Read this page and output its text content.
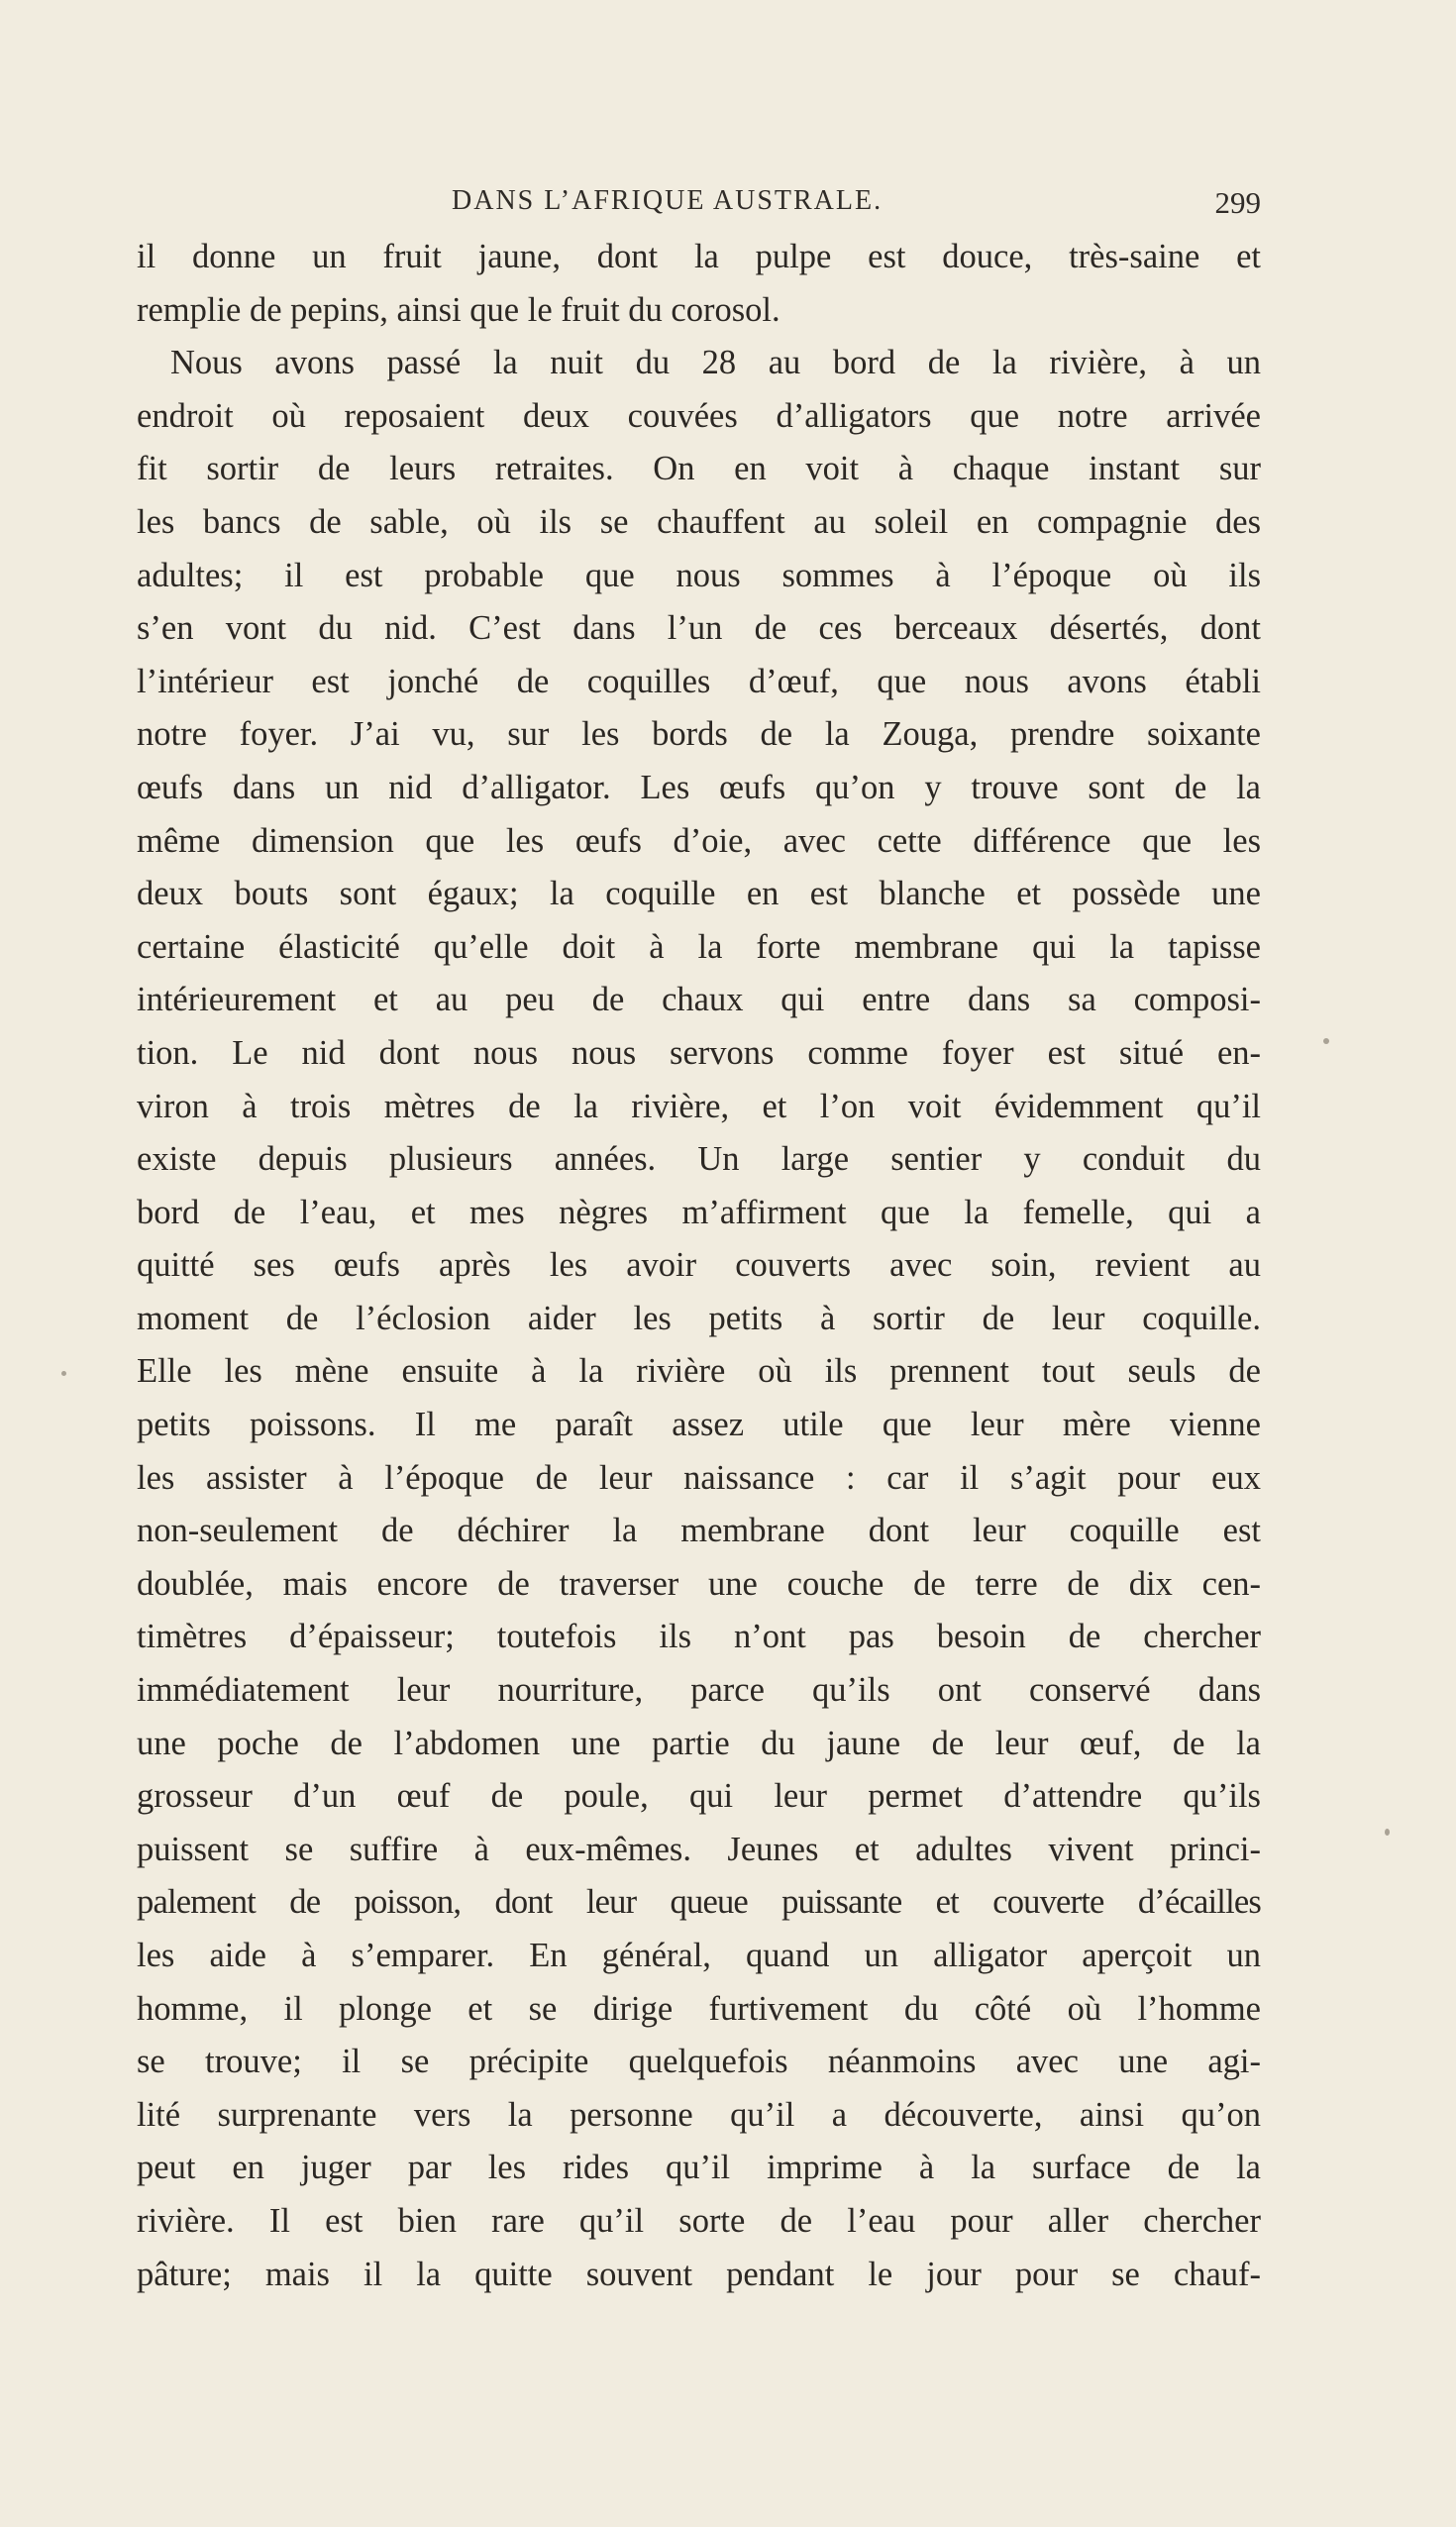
DANS L’AFRIQUE AUSTRALE.	299
il donne un fruit jaune, dont la pulpe est douce, très-saine et
remplie de pepins, ainsi que le fruit du corosol.
Nous avons passé la nuit du 28 au bord de la rivière, à un
endroit où reposaient deux couvées d’alligators que notre arrivée
fit sortir de leurs retraites. On en voit à chaque instant sur
les bancs de sable, où ils se chauffent au soleil en compagnie des
adultes; il est probable que nous sommes à l’époque où ils
s’en vont du nid. C’est dans l’un de ces berceaux désertés, dont
l’intérieur est jonché de coquilles d’œuf, que nous avons établi
notre foyer. J’ai vu, sur les bords de la Zouga, prendre soixante
œufs dans un nid d’alligator. Les œufs qu’on y trouve sont de la
même dimension que les œufs d’oie, avec cette différence que les
deux bouts sont égaux; la coquille en est blanche et possède une
certaine élasticité qu’elle doit à la forte membrane qui la tapisse
intérieurement et au peu de chaux qui entre dans sa composi-
tion. Le nid dont nous nous servons comme foyer est situé en-
viron à trois mètres de la rivière, et l’on voit évidemment qu’il
existe depuis plusieurs années. Un large sentier y conduit du
bord de l’eau, et mes nègres m’affirment que la femelle, qui a
quitté ses œufs après les avoir couverts avec soin, revient au
moment de l’éclosion aider les petits à sortir de leur coquille.
Elle les mène ensuite à la rivière où ils prennent tout seuls de
petits poissons. Il me paraît assez utile que leur mère vienne
les assister à l’époque de leur naissance : car il s’agit pour eux
non-seulement de déchirer la membrane dont leur coquille est
doublée, mais encore de traverser une couche de terre de dix cen-
timètres d’épaisseur; toutefois ils n’ont pas besoin de chercher
immédiatement leur nourriture, parce qu’ils ont conservé dans
une poche de l’abdomen une partie du jaune de leur œuf, de la
grosseur d’un œuf de poule, qui leur permet d’attendre qu’ils
puissent se suffire à eux-mêmes. Jeunes et adultes vivent princi-
palement de poisson, dont leur queue puissante et couverte d’écailles
les aide à s’emparer. En général, quand un alligator aperçoit un
homme, il plonge et se dirige furtivement du côté où l’homme
se trouve; il se précipite quelquefois néanmoins avec une agi-
lité surprenante vers la personne qu’il a découverte, ainsi qu’on
peut en juger par les rides qu’il imprime à la surface de la
rivière. Il est bien rare qu’il sorte de l’eau pour aller chercher
pâture; mais il la quitte souvent pendant le jour pour se chauf-
